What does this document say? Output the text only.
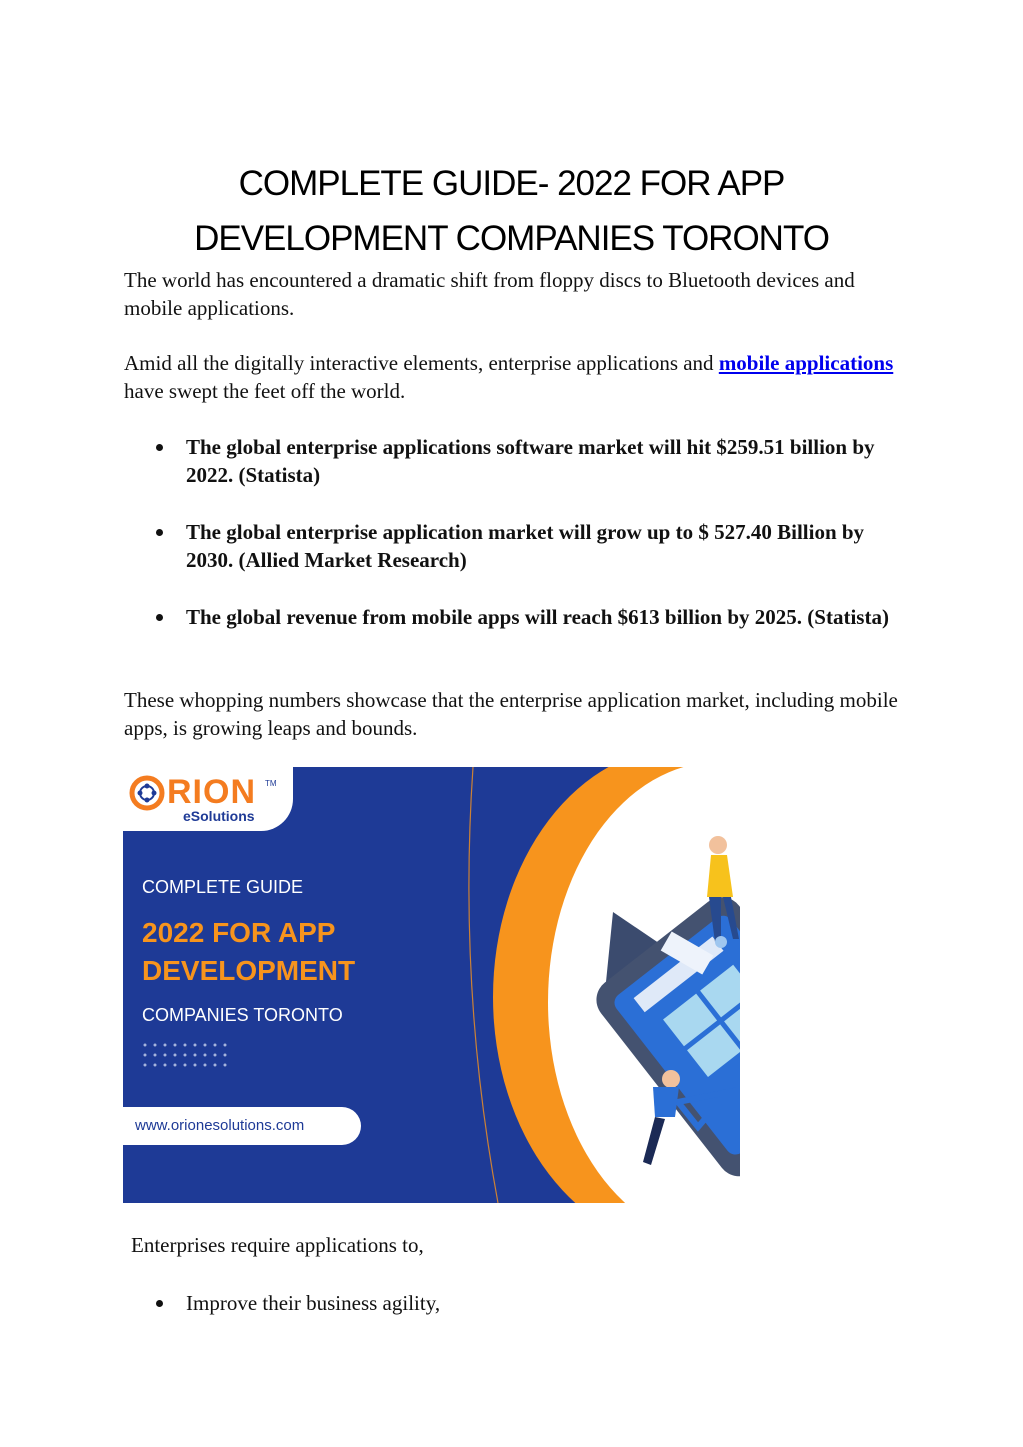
COMPLETE GUIDE- 2022 FOR APP
DEVELOPMENT COMPANIES TORONTO

The world has encountered a dramatic shift from floppy discs to Bluetooth devices and mobile applications.

Amid all the digitally interactive elements, enterprise applications and mobile applications have swept the feet off the world.

The global enterprise applications software market will hit $259.51 billion by 2022. (Statista)
The global enterprise application market will grow up to $ 527.40 Billion by 2030. (Allied Market Research)
The global revenue from mobile apps will reach $613 billion by 2025. (Statista)

These whopping numbers showcase that the enterprise application market, including mobile apps, is growing leaps and bounds.

RION TM
eSolutions
COMPLETE GUIDE
2022 FOR APP
DEVELOPMENT
COMPANIES TORONTO
www.orionesolutions.com

Enterprises require applications to,

Improve their business agility,
